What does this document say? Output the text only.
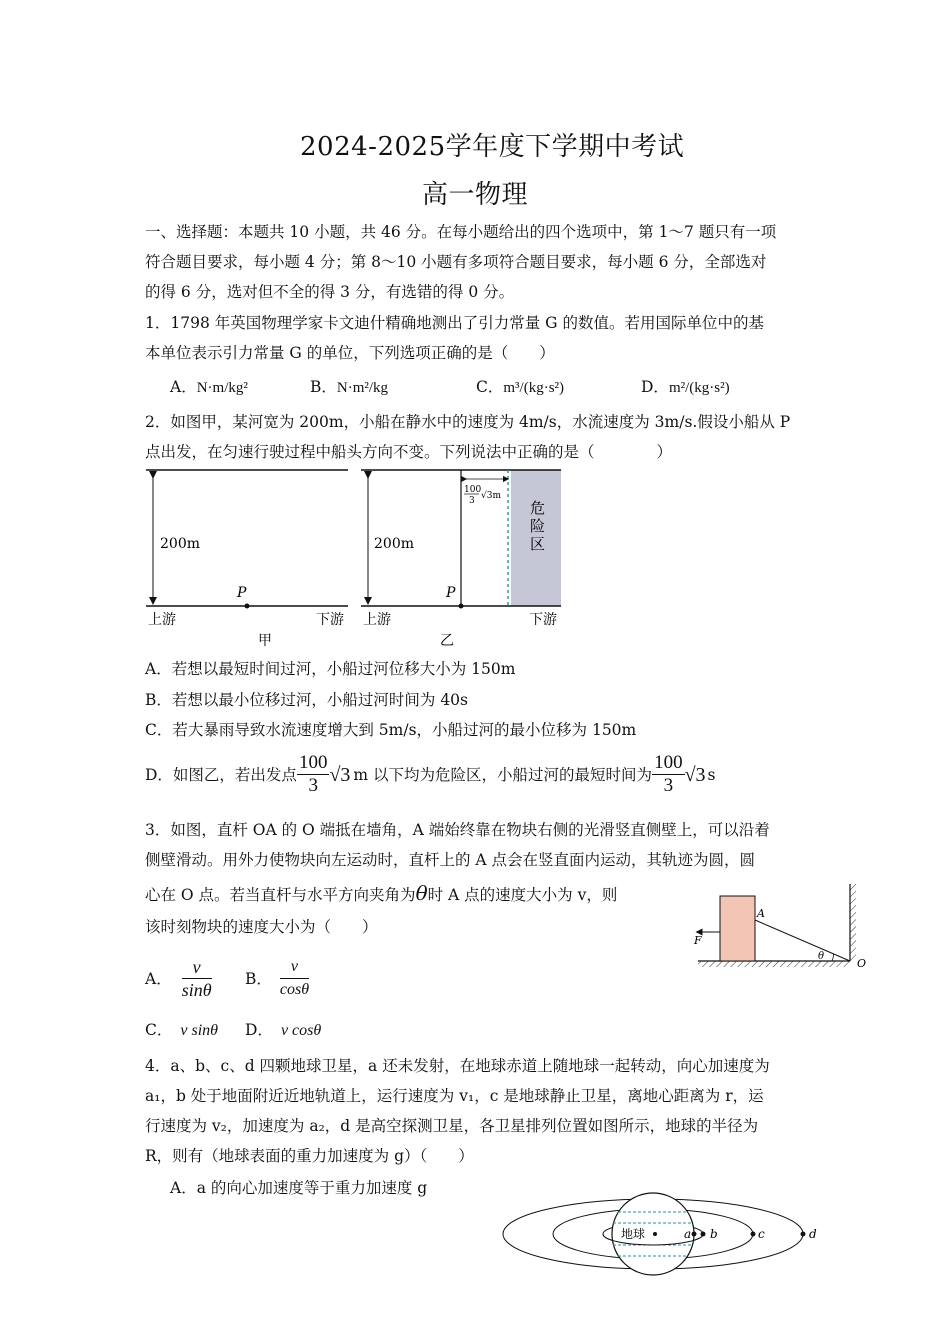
2024-2025学年度下学期中考试
高一物理
一、选择题：本题共 10 小题，共 46 分。在每小题给出的四个选项中，第 1～7 题只有一项
符合题目要求，每小题 4 分；第 8～10 小题有多项符合题目要求，每小题 6 分，全部选对
的得 6 分，选对但不全的得 3 分，有选错的得 0 分。
1．1798 年英国物理学家卡文迪什精确地测出了引力常量 G 的数值。若用国际单位中的基
本单位表示引力常量 G 的单位，下列选项正确的是（　　）
A．N·m/kg²	B．N·m²/kg	C．m³/(kg·s²)	D．m²/(kg·s²)
2．如图甲，某河宽为 200m，小船在静水中的速度为 4m/s，水流速度为 3m/s.假设小船从 P
点出发，在匀速行驶过程中船头方向不变。下列说法中正确的是（　　　　）
200m
P
上游	下游
甲
200m
100
3 √3m
危
险
区
P
上游	下游
乙
A．若想以最短时间过河，小船过河位移大小为 150m
B．若想以最小位移过河，小船过河时间为 40s
C．若大暴雨导致水流速度增大到 5m/s，小船过河的最小位移为 150m
D．如图乙，若出发点 $\frac{100}{3} √3$ m 以下均为危险区，小船过河的最短时间为 $\frac{100}{3} √3$ s
3．如图，直杆 OA 的 O 端抵在墙角，A 端始终靠在物块右侧的光滑竖直侧壁上，可以沿着
侧壁滑动。用外力使物块向左运动时，直杆上的 A 点会在竖直面内运动，其轨迹为圆，圆
心在 O 点。若当直杆与水平方向夹角为θ时 A 点的速度大小为 v，则
该时刻物块的速度大小为（　　）
A． $\frac{v}{\sin\theta}$ B． $\frac{v}{\cos\theta}$
C． v sinθ D． v cosθ
F
A
O
θ
4．a、b、c、d 四颗地球卫星，a 还未发射，在地球赤道上随地球一起转动，向心加速度为
a₁，b 处于地面附近近地轨道上，运行速度为 v₁，c 是地球静止卫星，离地心距离为 r，运
行速度为 v₂，加速度为 a₂，d 是高空探测卫星，各卫星排列位置如图所示，地球的半径为
R，则有（地球表面的重力加速度为 g）（　　）
A．a 的向心加速度等于重力加速度 g
地球	a b	c	d
